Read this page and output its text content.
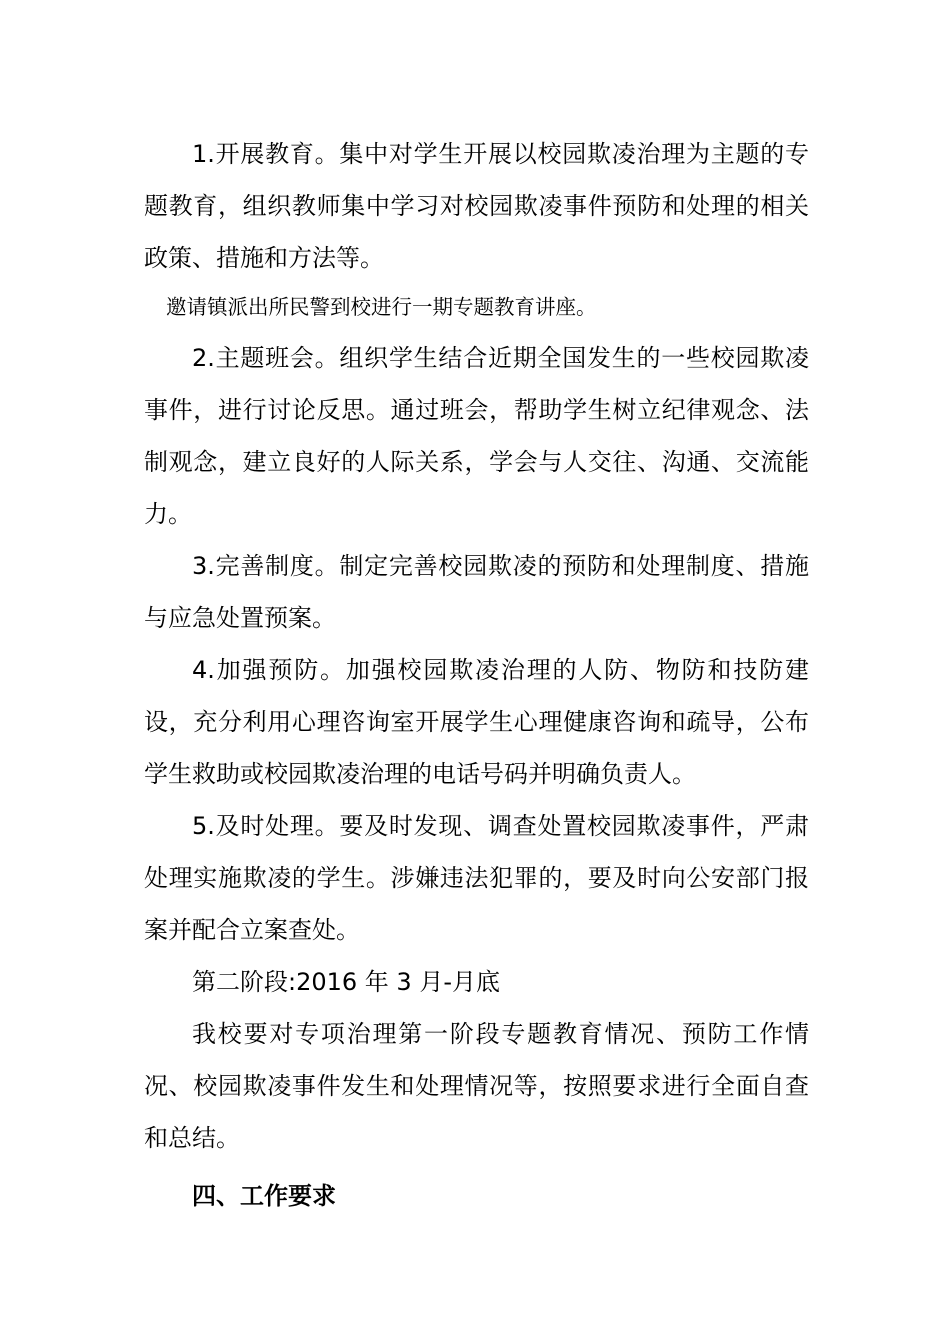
1.开展教育。集中对学生开展以校园欺凌治理为主题的专题教育，组织教师集中学习对校园欺凌事件预防和处理的相关政策、措施和方法等。

邀请镇派出所民警到校进行一期专题教育讲座。

2.主题班会。组织学生结合近期全国发生的一些校园欺凌事件，进行讨论反思。通过班会，帮助学生树立纪律观念、法制观念，建立良好的人际关系，学会与人交往、沟通、交流能力。

3.完善制度。制定完善校园欺凌的预防和处理制度、措施与应急处置预案。

4.加强预防。加强校园欺凌治理的人防、物防和技防建设，充分利用心理咨询室开展学生心理健康咨询和疏导，公布学生救助或校园欺凌治理的电话号码并明确负责人。

5.及时处理。要及时发现、调查处置校园欺凌事件，严肃处理实施欺凌的学生。涉嫌违法犯罪的，要及时向公安部门报案并配合立案查处。

第二阶段:2016 年 3 月-月底

我校要对专项治理第一阶段专题教育情况、预防工作情况、校园欺凌事件发生和处理情况等，按照要求进行全面自查和总结。

四、工作要求
